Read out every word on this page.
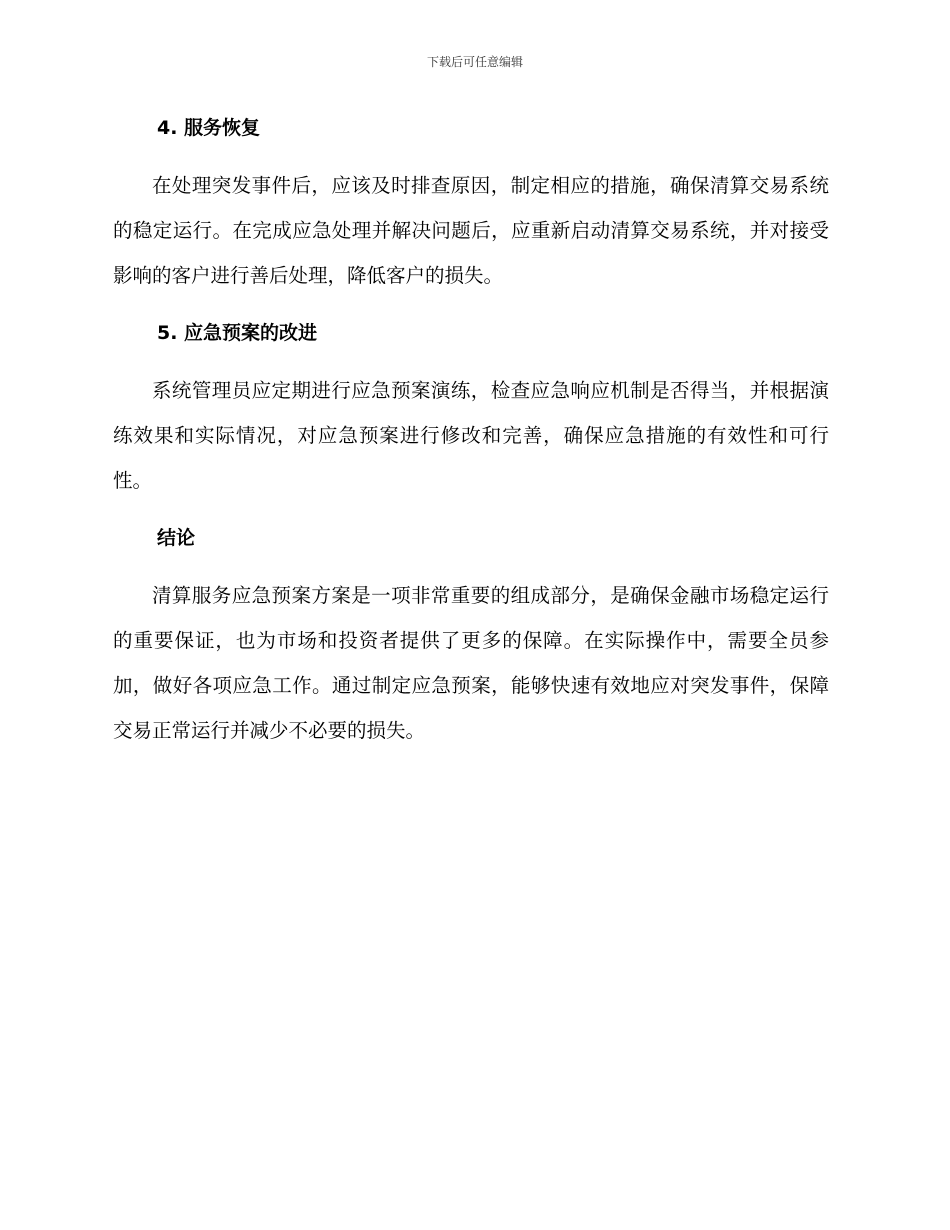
下载后可任意编辑
4. 服务恢复

在处理突发事件后，应该及时排查原因，制定相应的措施，确保清算交易系统的稳定运行。在完成应急处理并解决问题后，应重新启动清算交易系统，并对接受影响的客户进行善后处理，降低客户的损失。

5. 应急预案的改进

系统管理员应定期进行应急预案演练，检查应急响应机制是否得当，并根据演练效果和实际情况，对应急预案进行修改和完善，确保应急措施的有效性和可行性。

结论

清算服务应急预案方案是一项非常重要的组成部分，是确保金融市场稳定运行的重要保证，也为市场和投资者提供了更多的保障。在实际操作中，需要全员参加，做好各项应急工作。通过制定应急预案，能够快速有效地应对突发事件，保障交易正常运行并减少不必要的损失。
